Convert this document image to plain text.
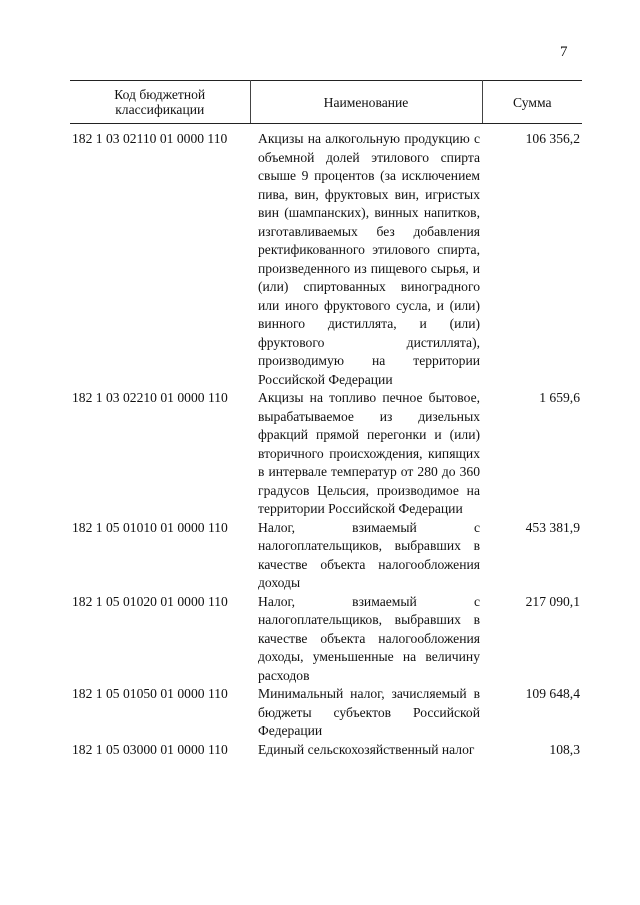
7
Код бюджетной классификации	Наименование	Сумма

182 1 03 02110 01 0000 110	Акцизы на алкогольную продукцию с объемной долей этилового спирта свыше 9 процентов (за исключением пива, вин, фруктовых вин, игристых вин (шампанских), винных напитков, изготавливаемых без добавления ректификованного этилового спирта, произведенного из пищевого сырья, и (или) спиртованных виноградного или иного фруктового сусла, и (или) винного дистиллята, и (или) фруктового дистиллята), производимую на территории Российской Федерации	106 356,2
182 1 03 02210 01 0000 110	Акцизы на топливо печное бытовое, вырабатываемое из дизельных фракций прямой перегонки и (или) вторичного происхождения, кипящих в интервале температур от 280 до 360 градусов Цельсия, производимое на территории Российской Федерации	1 659,6
182 1 05 01010 01 0000 110	Налог, взимаемый с налогоплательщиков, выбравших в качестве объекта налогообложения доходы	453 381,9
182 1 05 01020 01 0000 110	Налог, взимаемый с налогоплательщиков, выбравших в качестве объекта налогообложения доходы, уменьшенные на величину расходов	217 090,1
182 1 05 01050 01 0000 110	Минимальный налог, зачисляемый в бюджеты субъектов Российской Федерации	109 648,4
182 1 05 03000 01 0000 110	Единый сельскохозяйственный налог	108,3
